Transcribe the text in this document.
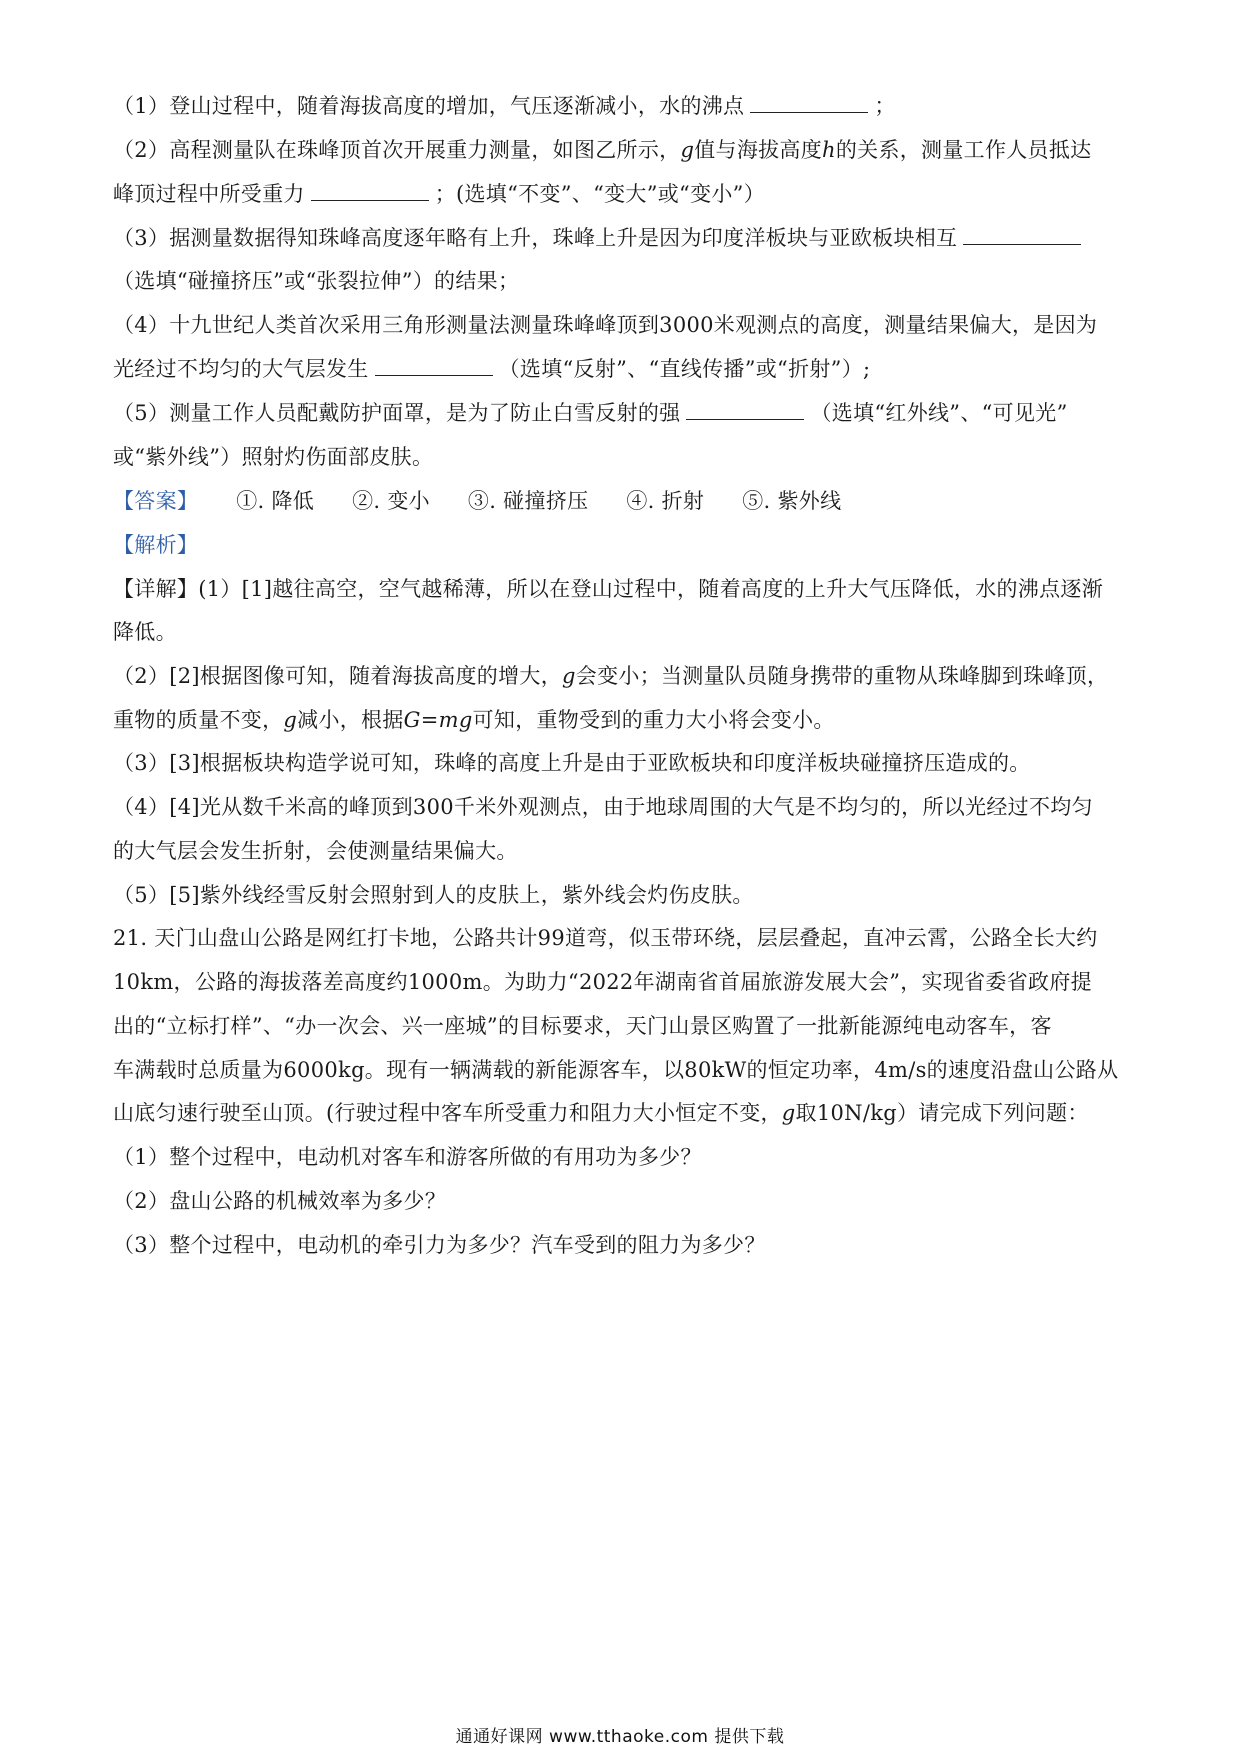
（1）登山过程中，随着海拔高度的增加，气压逐渐减小，水的沸点	；
（2）高程测量队在珠峰顶首次开展重力测量，如图乙所示，g值与海拔高度h的关系，测量工作人员抵达
峰顶过程中所受重力	；(选填“不变”、“变大”或“变小”）
（3）据测量数据得知珠峰高度逐年略有上升，珠峰上升是因为印度洋板块与亚欧板块相互
（选填“碰撞挤压”或“张裂拉伸”）的结果；
（4）十九世纪人类首次采用三角形测量法测量珠峰峰顶到3000米观测点的高度，测量结果偏大，是因为
光经过不均匀的大气层发生	（选填“反射”、“直线传播”或“折射”）;
（5）测量工作人员配戴防护面罩，是为了防止白雪反射的强	（选填“红外线”、“可见光”
或“紫外线”）照射灼伤面部皮肤。
【答案】 ①. 降低 ②. 变小 ③. 碰撞挤压 ④. 折射 ⑤. 紫外线
【解析】
【详解】(1）[1]越往高空，空气越稀薄，所以在登山过程中，随着高度的上升大气压降低，水的沸点逐渐
降低。
（2）[2]根据图像可知，随着海拔高度的增大，g会变小；当测量队员随身携带的重物从珠峰脚到珠峰顶，
重物的质量不变，g减小，根据G=mg可知，重物受到的重力大小将会变小。
（3）[3]根据板块构造学说可知，珠峰的高度上升是由于亚欧板块和印度洋板块碰撞挤压造成的。
（4）[4]光从数千米高的峰顶到300千米外观测点，由于地球周围的大气是不均匀的，所以光经过不均匀
的大气层会发生折射，会使测量结果偏大。
（5）[5]紫外线经雪反射会照射到人的皮肤上，紫外线会灼伤皮肤。
21. 天门山盘山公路是网红打卡地，公路共计99道弯，似玉带环绕，层层叠起，直冲云霄，公路全长大约
10km，公路的海拔落差高度约1000m。为助力“2022年湖南省首届旅游发展大会”，实现省委省政府提
出的“立标打样”、“办一次会、兴一座城”的目标要求，天门山景区购置了一批新能源纯电动客车，客
车满载时总质量为6000kg。现有一辆满载的新能源客车，以80kW的恒定功率，4m/s的速度沿盘山公路从
山底匀速行驶至山顶。(行驶过程中客车所受重力和阻力大小恒定不变，g取10N/kg）请完成下列问题：
（1）整个过程中，电动机对客车和游客所做的有用功为多少？
（2）盘山公路的机械效率为多少？
（3）整个过程中，电动机的牵引力为多少？汽车受到的阻力为多少？
通通好课网 www.tthaoke.com 提供下载
